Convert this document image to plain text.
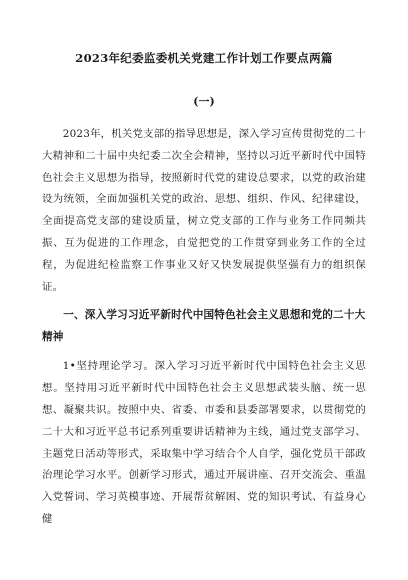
2023年纪委监委机关党建工作计划工作要点两篇
(一)

2023年，机关党支部的指导思想是，深入学习宣传贯彻党的二十大精神和二十届中央纪委二次全会精神，坚持以习近平新时代中国特色社会主义思想为指导，按照新时代党的建设总要求，以党的政治建设为统领，全面加强机关党的政治、思想、组织、作风、纪律建设，全面提高党支部的建设质量，树立党支部的工作与业务工作同频共振、互为促进的工作理念，自觉把党的工作贯穿到业务工作的全过程，为促进纪检监察工作事业又好又快发展提供坚强有力的组织保证。

一、深入学习习近平新时代中国特色社会主义思想和党的二十大精神

1•坚持理论学习。深入学习习近平新时代中国特色社会主义思想。坚持用习近平新时代中国特色社会主义思想武装头脑、统一思想、凝聚共识。按照中央、省委、市委和县委部署要求，以贯彻党的二十大和习近平总书记系列重要讲话精神为主线，通过党支部学习、主题党日活动等形式，采取集中学习结合个人自学，强化党员干部政治理论学习水平。创新学习形式，通过开展讲座、召开交流会、重温入党誓词、学习英模事迹、开展帮贫解困、党的知识考试、有益身心健
